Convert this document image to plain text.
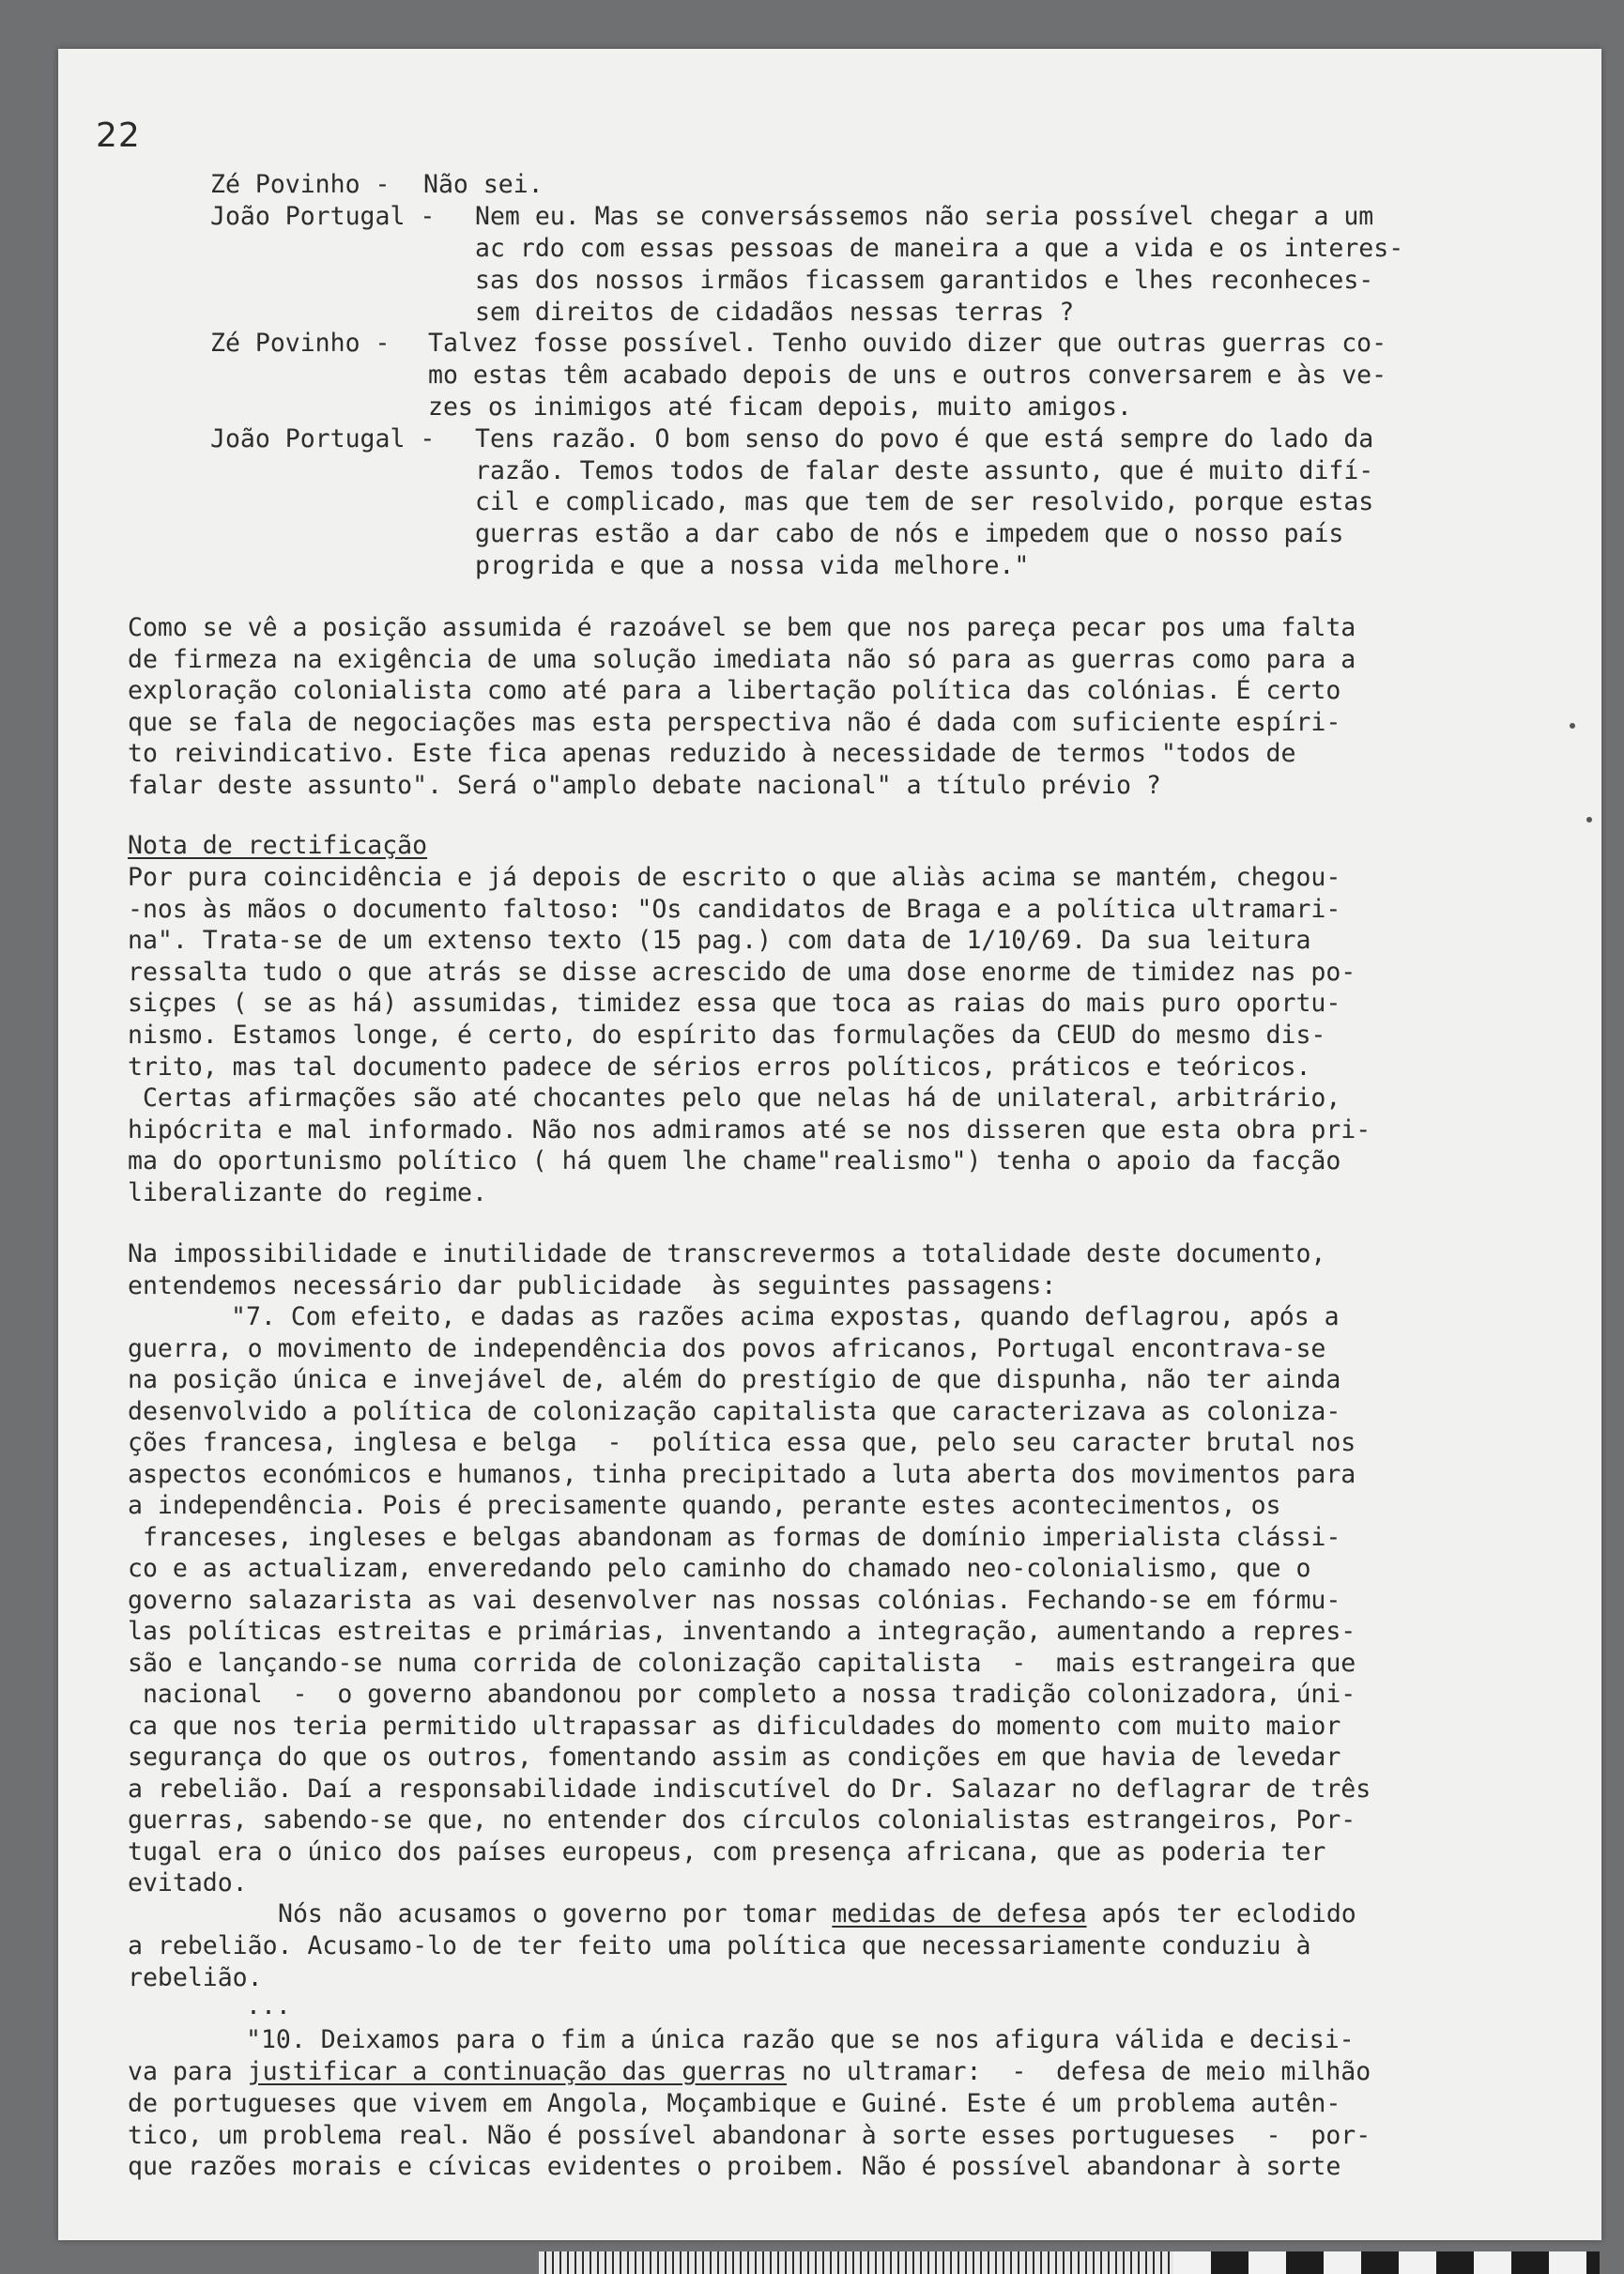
22
Zé Povinho - Não sei.
João Portugal - Nem eu. Mas se conversássemos não seria possível chegar a um
ac rdo com essas pessoas de maneira a que a vida e os interes-
sas dos nossos irmãos ficassem garantidos e lhes reconheces-
sem direitos de cidadãos nessas terras ?
Zé Povinho - Talvez fosse possível. Tenho ouvido dizer que outras guerras co-
mo estas têm acabado depois de uns e outros conversarem e às ve-
zes os inimigos até ficam depois, muito amigos.
João Portugal - Tens razão. O bom senso do povo é que está sempre do lado da
razão. Temos todos de falar deste assunto, que é muito difí-
cil e complicado, mas que tem de ser resolvido, porque estas
guerras estão a dar cabo de nós e impedem que o nosso país
progrida e que a nossa vida melhore."
Como se vê a posição assumida é razoável se bem que nos pareça pecar pos uma falta
de firmeza na exigência de uma solução imediata não só para as guerras como para a
exploração colonialista como até para a libertação política das colónias. É certo
que se fala de negociações mas esta perspectiva não é dada com suficiente espíri-
to reivindicativo. Este fica apenas reduzido à necessidade de termos "todos de
falar deste assunto". Será o"amplo debate nacional" a título prévio ?
Nota de rectificação
Por pura coincidência e já depois de escrito o que aliàs acima se mantém, chegou-
-nos às mãos o documento faltoso: "Os candidatos de Braga e a política ultramari-
na". Trata-se de um extenso texto (15 pag.) com data de 1/10/69. Da sua leitura
ressalta tudo o que atrás se disse acrescido de uma dose enorme de timidez nas po-
siçpes ( se as há) assumidas, timidez essa que toca as raias do mais puro oportu-
nismo. Estamos longe, é certo, do espírito das formulações da CEUD do mesmo dis-
trito, mas tal documento padece de sérios erros políticos, práticos e teóricos.
Certas afirmações são até chocantes pelo que nelas há de unilateral, arbitrário,
hipócrita e mal informado. Não nos admiramos até se nos disseren que esta obra pri-
ma do oportunismo político ( há quem lhe chame"realismo") tenha o apoio da facção
liberalizante do regime.
Na impossibilidade e inutilidade de transcrevermos a totalidade deste documento,
entendemos necessário dar publicidade  às seguintes passagens:
"7. Com efeito, e dadas as razões acima expostas, quando deflagrou, após a
guerra, o movimento de independência dos povos africanos, Portugal encontrava-se
na posição única e invejável de, além do prestígio de que dispunha, não ter ainda
desenvolvido a política de colonização capitalista que caracterizava as coloniza-
ções francesa, inglesa e belga  -  política essa que, pelo seu caracter brutal nos
aspectos económicos e humanos, tinha precipitado a luta aberta dos movimentos para
a independência. Pois é precisamente quando, perante estes acontecimentos, os
franceses, ingleses e belgas abandonam as formas de domínio imperialista clássi-
co e as actualizam, enveredando pelo caminho do chamado neo-colonialismo, que o
governo salazarista as vai desenvolver nas nossas colónias. Fechando-se em fórmu-
las políticas estreitas e primárias, inventando a integração, aumentando a repres-
são e lançando-se numa corrida de colonização capitalista  -  mais estrangeira que
nacional  -  o governo abandonou por completo a nossa tradição colonizadora, úni-
ca que nos teria permitido ultrapassar as dificuldades do momento com muito maior
segurança do que os outros, fomentando assim as condições em que havia de levedar
a rebelião. Daí a responsabilidade indiscutível do Dr. Salazar no deflagrar de três
guerras, sabendo-se que, no entender dos círculos colonialistas estrangeiros, Por-
tugal era o único dos países europeus, com presença africana, que as poderia ter
evitado.
Nós não acusamos o governo por tomar medidas de defesa após ter eclodido
a rebelião. Acusamo-lo de ter feito uma política que necessariamente conduziu à
rebelião.
...
"10. Deixamos para o fim a única razão que se nos afigura válida e decisi-
va para justificar a continuação das guerras no ultramar:  -  defesa de meio milhão
de portugueses que vivem em Angola, Moçambique e Guiné. Este é um problema autên-
tico, um problema real. Não é possível abandonar à sorte esses portugueses  -  por-
que razões morais e cívicas evidentes o proibem. Não é possível abandonar à sorte
